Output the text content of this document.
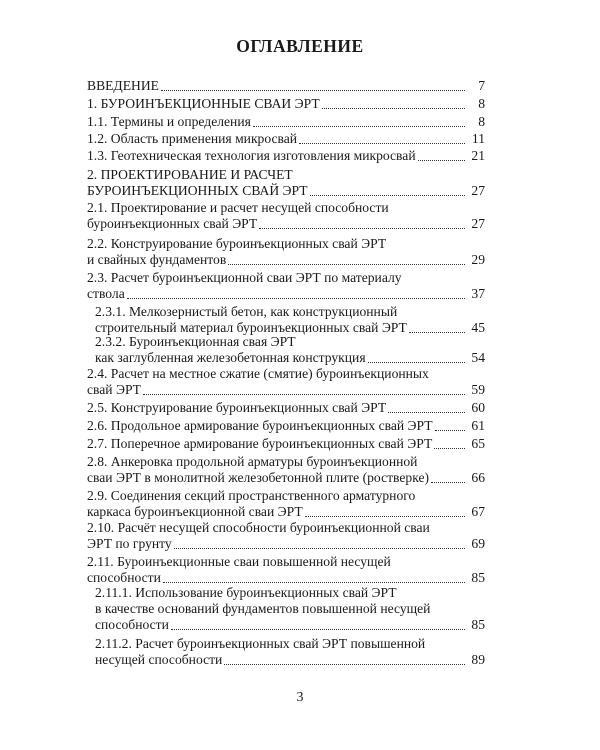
ОГЛАВЛЕНИЕ
ВВЕДЕНИЕ	7
1. БУРОИНЪЕКЦИОННЫЕ СВАИ ЭРТ	8
1.1. Термины и определения	8
1.2. Область применения микросвай	11
1.3. Геотехническая технология изготовления микросвай	21
2. ПРОЕКТИРОВАНИЕ И РАСЧЕТ
БУРОИНЪЕКЦИОННЫХ СВАЙ ЭРТ	27
2.1. Проектирование и расчет несущей способности
буроинъекционных свай ЭРТ	27
2.2. Конструирование буроинъекционных свай ЭРТ
и свайных фундаментов	29
2.3. Расчет буроинъекционной сваи ЭРТ по материалу
ствола	37
2.3.1. Мелкозернистый бетон, как конструкционный
строительный материал буроинъекционных свай ЭРТ	45
2.3.2. Буроинъекционная свая ЭРТ
как заглубленная железобетонная конструкция	54
2.4. Расчет на местное сжатие (смятие) буроинъекционных
свай ЭРТ	59
2.5. Конструирование буроинъекционных свай ЭРТ	60
2.6. Продольное армирование буроинъекционных свай ЭРТ	61
2.7. Поперечное армирование буроинъекционных свай ЭРТ	65
2.8. Анкеровка продольной арматуры буроинъекционной
сваи ЭРТ в монолитной железобетонной плите (ростверке)	66
2.9. Соединения секций пространственного арматурного
каркаса буроинъекционной сваи ЭРТ	67
2.10. Расчёт несущей способности буроинъекционной сваи
ЭРТ по грунту	69
2.11. Буроинъекционные сваи повышенной несущей
способности	85
2.11.1. Использование буроинъекционных свай ЭРТ
в качестве оснований фундаментов повышенной несущей
способности	85
2.11.2. Расчет буроинъекционных свай ЭРТ повышенной
несущей способности	89
3
